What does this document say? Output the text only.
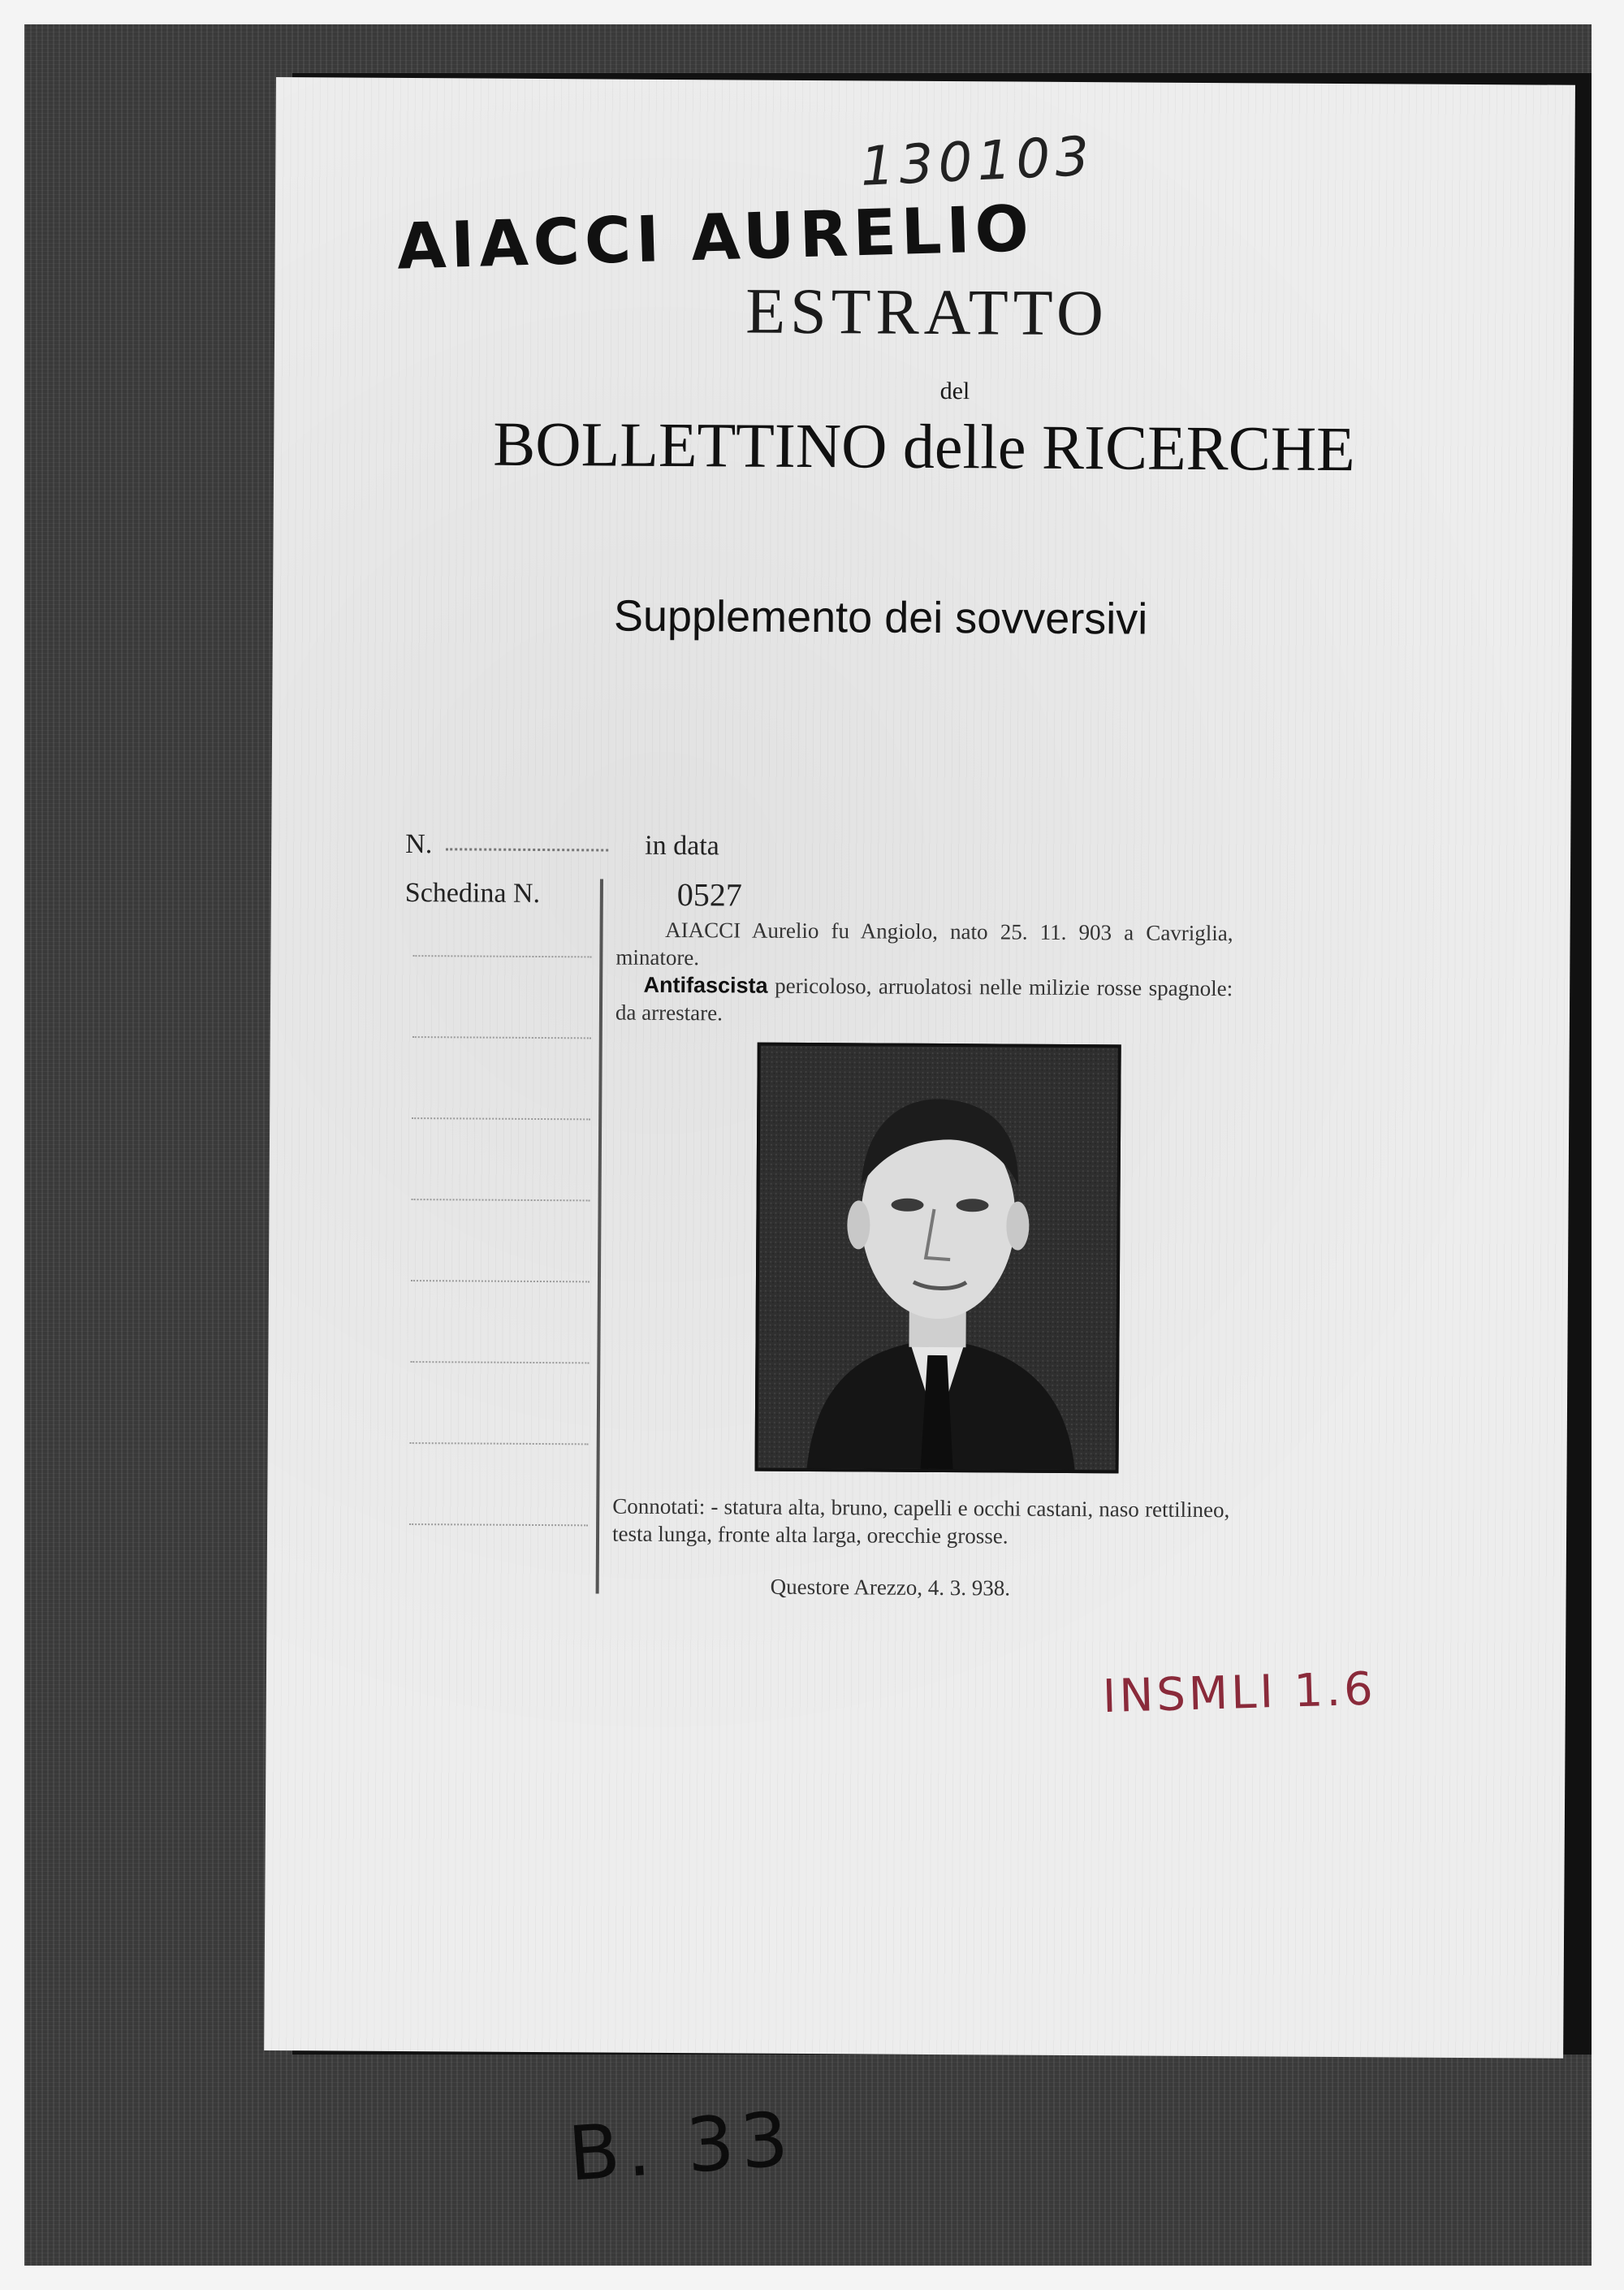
130103
AIACCI AURELIO
ESTRATTO
del
BOLLETTINO delle RICERCHE
Supplemento dei sovversivi
N.	in data
Schedina N.	0527
AIACCI Aurelio fu Angiolo, nato 25. 11. 903 a Cavriglia, minatore.
Antifascista pericoloso, arruolatosi nelle milizie rosse spagnole: da arrestare.
Connotati: - statura alta, bruno, capelli e occhi castani, naso rettilineo, testa lunga, fronte alta larga, orecchie grosse.
Questore Arezzo, 4. 3. 938.
INSMLI 1.6
B. 33
